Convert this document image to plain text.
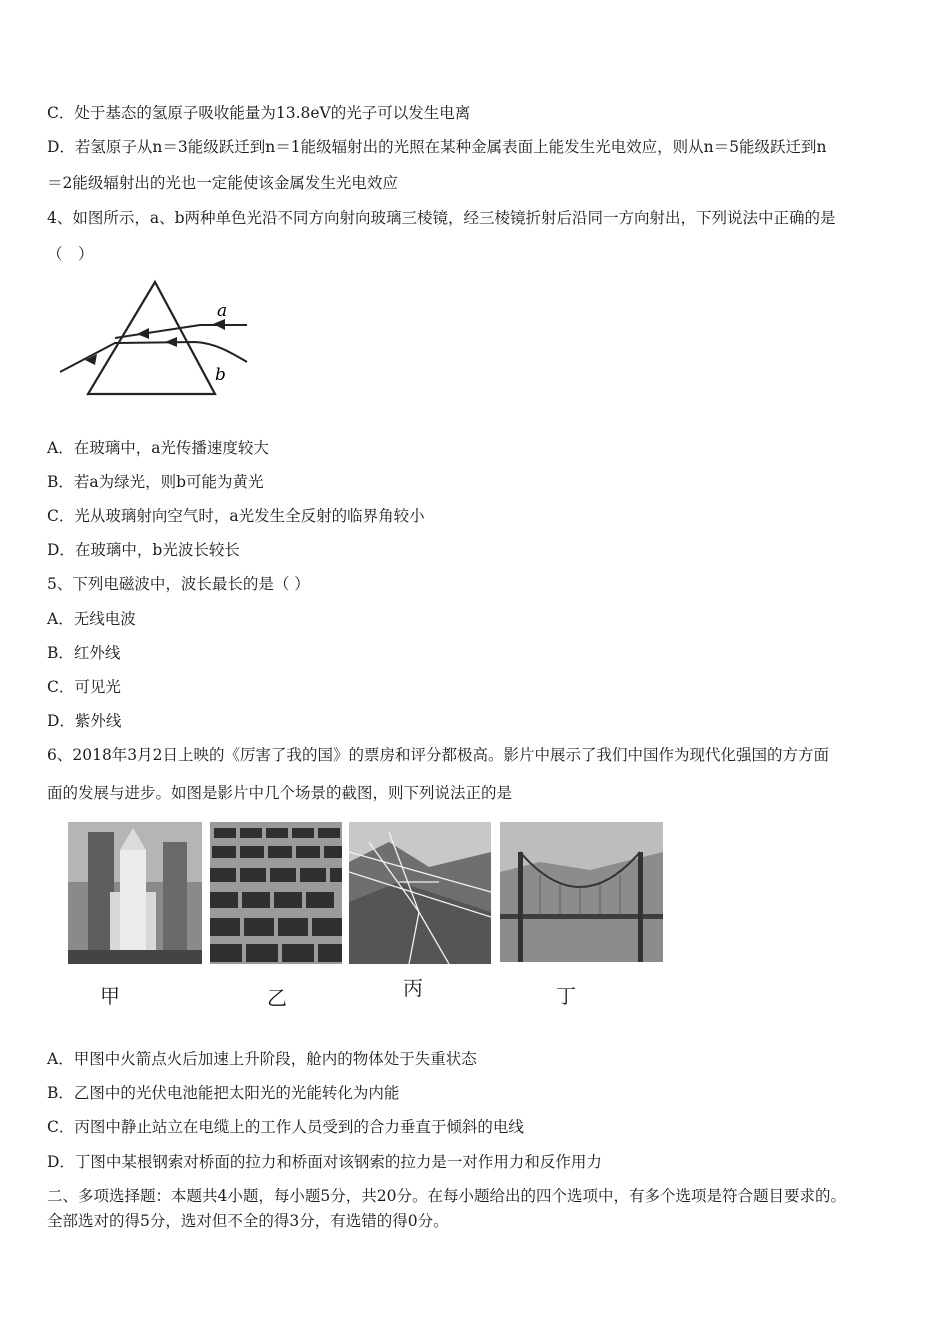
C．处于基态的氢原子吸收能量为13.8eV的光子可以发生电离
D．若氢原子从n＝3能级跃迁到n＝1能级辐射出的光照在某种金属表面上能发生光电效应，则从n＝5能级跃迁到n
＝2能级辐射出的光也一定能使该金属发生光电效应
4、如图所示，a、b两种单色光沿不同方向射向玻璃三棱镜，经三棱镜折射后沿同一方向射出，下列说法中正确的是
（　）
a
b
A．在玻璃中，a光传播速度较大
B．若a为绿光，则b可能为黄光
C．光从玻璃射向空气时，a光发生全反射的临界角较小
D．在玻璃中，b光波长较长
5、下列电磁波中，波长最长的是（ ）
A．无线电波
B．红外线
C．可见光
D．紫外线
6、2018年3月2日上映的《厉害了我的国》的票房和评分都极高。影片中展示了我们中国作为现代化强国的方方面
面的发展与进步。如图是影片中几个场景的截图，则下列说法正的是
甲	乙	丙	丁
A．甲图中火箭点火后加速上升阶段，舱内的物体处于失重状态
B．乙图中的光伏电池能把太阳光的光能转化为内能
C．丙图中静止站立在电缆上的工作人员受到的合力垂直于倾斜的电线
D．丁图中某根钢索对桥面的拉力和桥面对该钢索的拉力是一对作用力和反作用力
二、多项选择题：本题共4小题，每小题5分，共20分。在每小题给出的四个选项中，有多个选项是符合题目要求的。
全部选对的得5分，选对但不全的得3分，有选错的得0分。
